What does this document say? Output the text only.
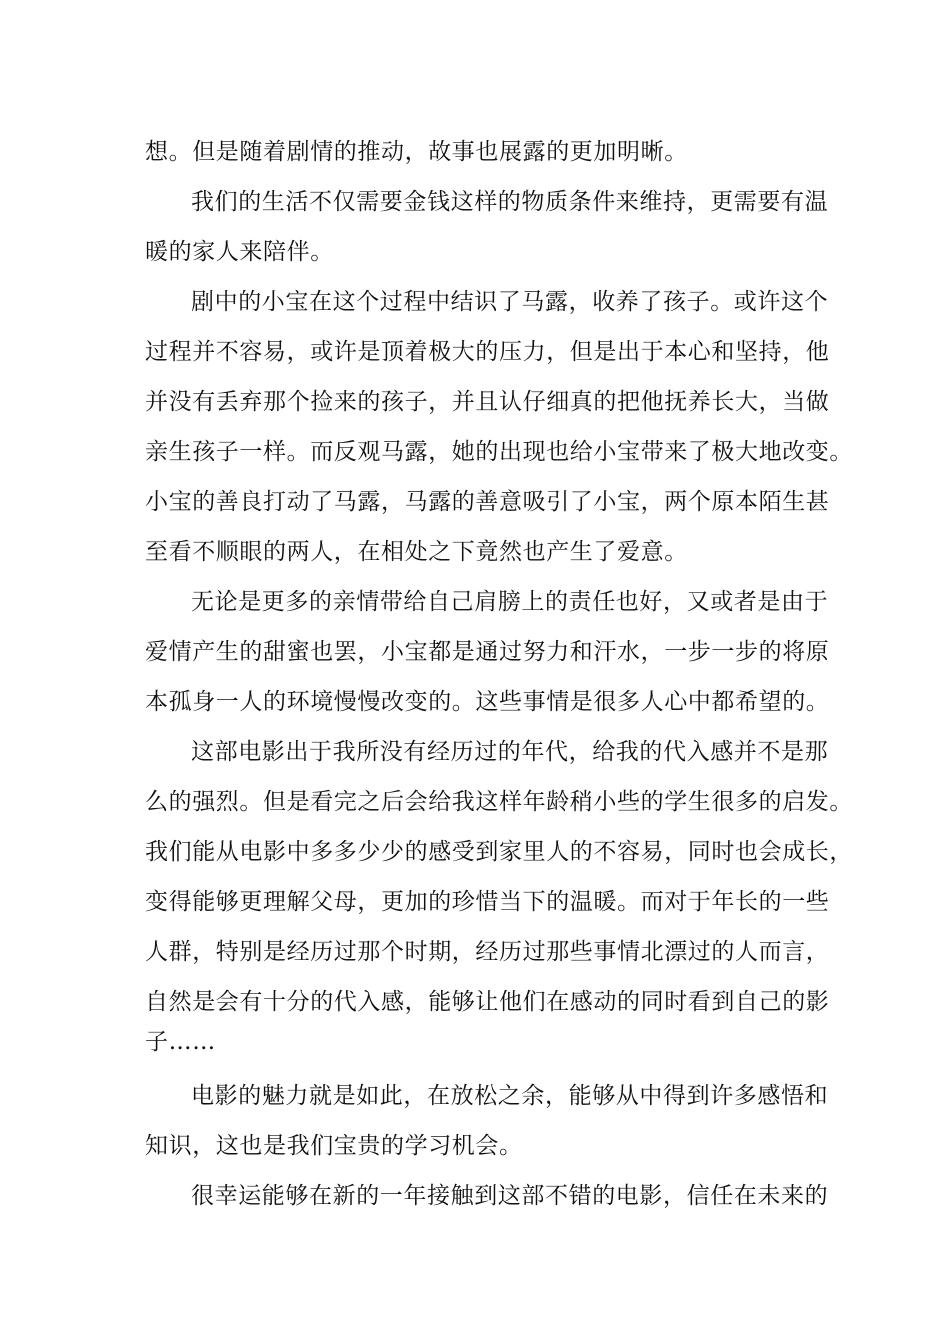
想。但是随着剧情的推动，故事也展露的更加明晰。
我们的生活不仅需要金钱这样的物质条件来维持，更需要有温
暖的家人来陪伴。
剧中的小宝在这个过程中结识了马露，收养了孩子。或许这个
过程并不容易，或许是顶着极大的压力，但是出于本心和坚持，他
并没有丢弃那个捡来的孩子，并且认仔细真的把他抚养长大，当做
亲生孩子一样。而反观马露，她的出现也给小宝带来了极大地改变。
小宝的善良打动了马露，马露的善意吸引了小宝，两个原本陌生甚
至看不顺眼的两人，在相处之下竟然也产生了爱意。
无论是更多的亲情带给自己肩膀上的责任也好，又或者是由于
爱情产生的甜蜜也罢，小宝都是通过努力和汗水，一步一步的将原
本孤身一人的环境慢慢改变的。这些事情是很多人心中都希望的。
这部电影出于我所没有经历过的年代，给我的代入感并不是那
么的强烈。但是看完之后会给我这样年龄稍小些的学生很多的启发。
我们能从电影中多多少少的感受到家里人的不容易，同时也会成长，
变得能够更理解父母，更加的珍惜当下的温暖。而对于年长的一些
人群，特别是经历过那个时期，经历过那些事情北漂过的人而言，
自然是会有十分的代入感，能够让他们在感动的同时看到自己的影
子……
电影的魅力就是如此，在放松之余，能够从中得到许多感悟和
知识，这也是我们宝贵的学习机会。
很幸运能够在新的一年接触到这部不错的电影，信任在未来的
